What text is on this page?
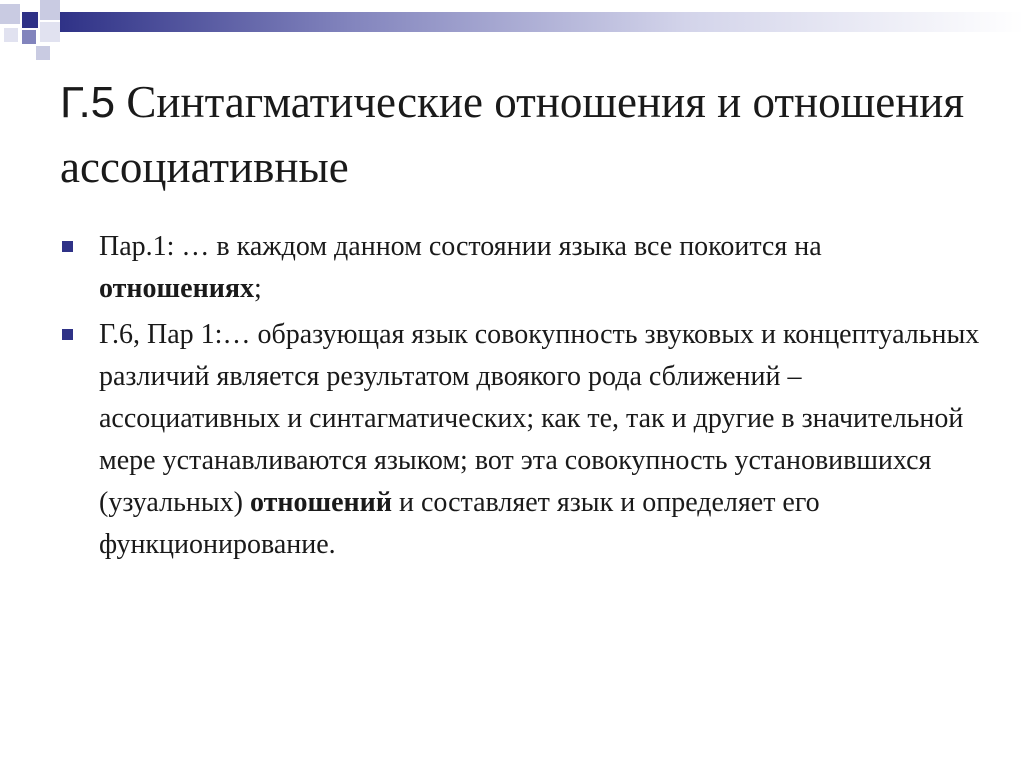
Г.5 Синтагматические отношения и отношения ассоциативные
Пар.1: … в каждом данном состоянии языка все покоится на отношениях;
Г.6, Пар 1:… образующая язык совокупность звуковых и концептуальных различий является результатом двоякого рода сближений – ассоциативных и синтагматических; как те, так и другие в значительной мере устанавливаются языком; вот эта совокупность установившихся (узуальных) отношений и составляет язык и определяет его функционирование.
